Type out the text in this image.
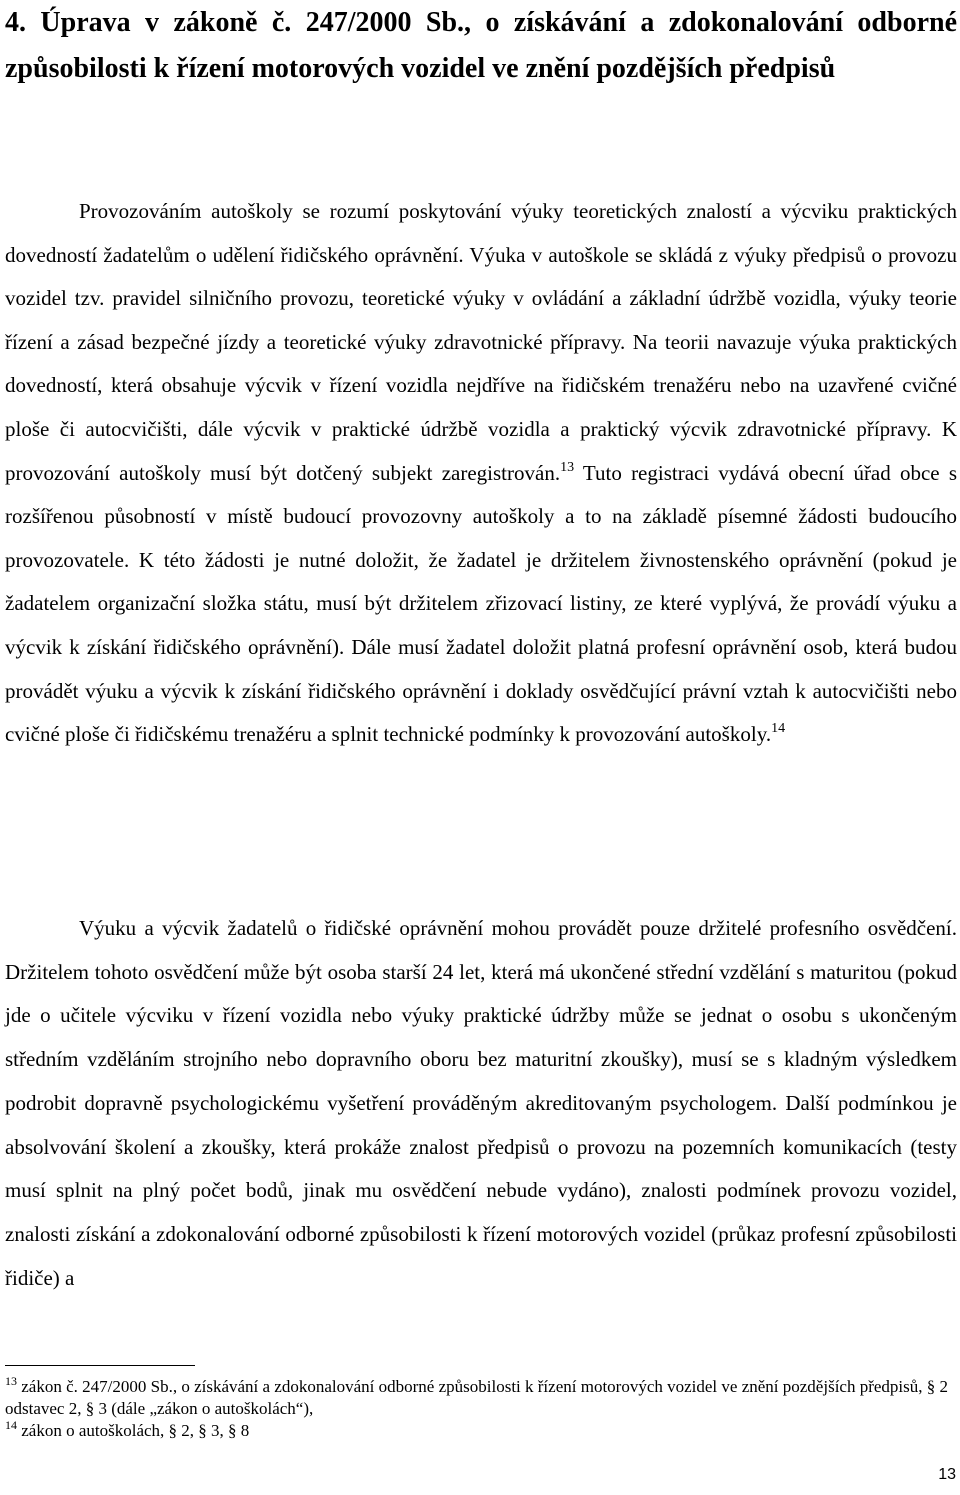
4. Úprava v zákoně č. 247/2000 Sb., o získávání a zdokonalování odborné způsobilosti k řízení motorových vozidel ve znění pozdějších předpisů

Provozováním autoškoly se rozumí poskytování výuky teoretických znalostí a výcviku praktických dovedností žadatelům o udělení řidičského oprávnění. Výuka v autoškole se skládá z výuky předpisů o provozu vozidel tzv. pravidel silničního provozu, teoretické výuky v ovládání a základní údržbě vozidla, výuky teorie řízení a zásad bezpečné jízdy a teoretické výuky zdravotnické přípravy. Na teorii navazuje výuka praktických dovedností, která obsahuje výcvik v řízení vozidla nejdříve na řidičském trenažéru nebo na uzavřené cvičné ploše či autocvičišti, dále výcvik v praktické údržbě vozidla a praktický výcvik zdravotnické přípravy. K provozování autoškoly musí být dotčený subjekt zaregistrován.$^{13}$ Tuto registraci vydává obecní úřad obce s rozšířenou působností v místě budoucí provozovny autoškoly a to na základě písemné žádosti budoucího provozovatele. K této žádosti je nutné doložit, že žadatel je držitelem živnostenského oprávnění (pokud je žadatelem organizační složka státu, musí být držitelem zřizovací listiny, ze které vyplývá, že provádí výuku a výcvik k získání řidičského oprávnění). Dále musí žadatel doložit platná profesní oprávnění osob, která budou provádět výuku a výcvik k získání řidičského oprávnění i doklady osvědčující právní vztah k autocvičišti nebo cvičné ploše či řidičskému trenažéru a splnit technické podmínky k provozování autoškoly.$^{14}$

Výuku a výcvik žadatelů o řidičské oprávnění mohou provádět pouze držitelé profesního osvědčení. Držitelem tohoto osvědčení může být osoba starší 24 let, která má ukončené střední vzdělání s maturitou (pokud jde o učitele výcviku v řízení vozidla nebo výuky praktické údržby může se jednat o osobu s ukončeným středním vzděláním strojního nebo dopravního oboru bez maturitní zkoušky), musí se s kladným výsledkem podrobit dopravně psychologickému vyšetření prováděným akreditovaným psychologem. Další podmínkou je absolvování školení a zkoušky, která prokáže znalost předpisů o provozu na pozemních komunikacích (testy musí splnit na plný počet bodů, jinak mu osvědčení nebude vydáno), znalosti podmínek provozu vozidel, znalosti získání a zdokonalování odborné způsobilosti k řízení motorových vozidel (průkaz profesní způsobilosti řidiče) a

$^{13}$ zákon č. 247/2000 Sb., o získávání a zdokonalování odborné způsobilosti k řízení motorových vozidel ve znění pozdějších předpisů, § 2 odstavec 2, § 3 (dále „zákon o autoškolách“),

$^{14}$ zákon o autoškolách, § 2, § 3, § 8

13
